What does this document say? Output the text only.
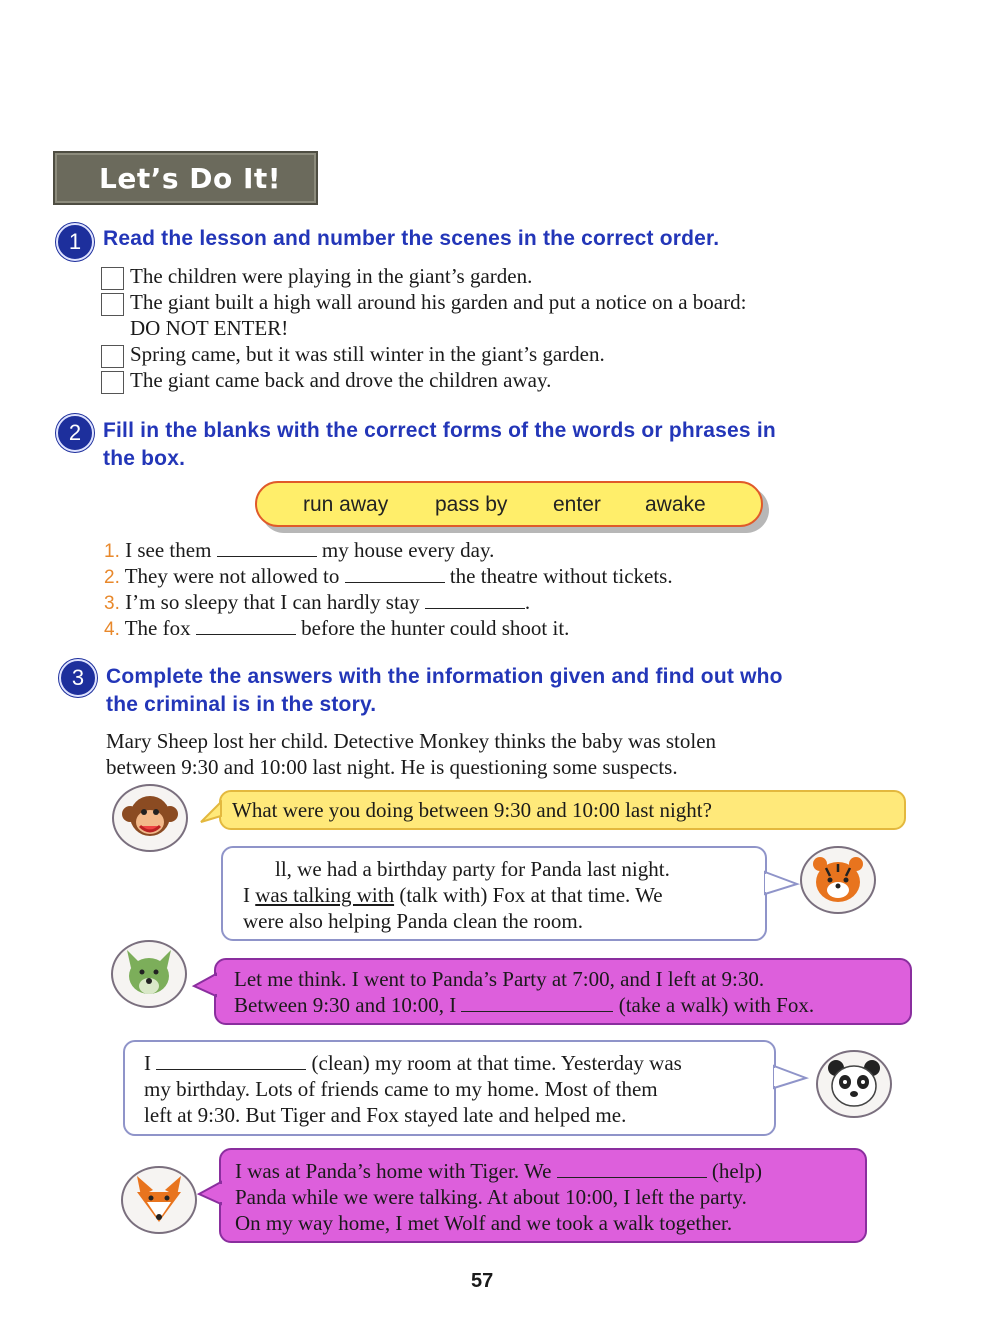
Let’s Do It!
1	Read the lesson and number the scenes in the correct order.
The children were playing in the giant’s garden.
The giant built a high wall around his garden and put a notice on a board:
DO NOT ENTER!
Spring came, but it was still winter in the giant’s garden.
The giant came back and drove the children away.
2	Fill in the blanks with the correct forms of the words or phrases in
the box.
run away pass by enter awake
1. I see them	my house every day.
2. They were not allowed to	the theatre without tickets.
3. I’m so sleepy that I can hardly stay	.
4. The fox	before the hunter could shoot it.
3	Complete the answers with the information given and find out who
the criminal is in the story.
Mary Sheep lost her child. Detective Monkey thinks the baby was stolen
between 9:30 and 10:00 last night. He is questioning some suspects.
What were you doing between 9:30 and 10:00 last night?
ll, we had a birthday party for Panda last night.
I was talking with (talk with) Fox at that time. We
were also helping Panda clean the room.
Let me think. I went to Panda’s Party at 7:00, and I left at 9:30.
Between 9:30 and 10:00, I	(take a walk) with Fox.
I	(clean) my room at that time. Yesterday was
my birthday. Lots of friends came to my home. Most of them
left at 9:30. But Tiger and Fox stayed late and helped me.
I was at Panda’s home with Tiger. We	(help)
Panda while we were talking. At about 10:00, I left the party.
On my way home, I met Wolf and we took a walk together.
57
